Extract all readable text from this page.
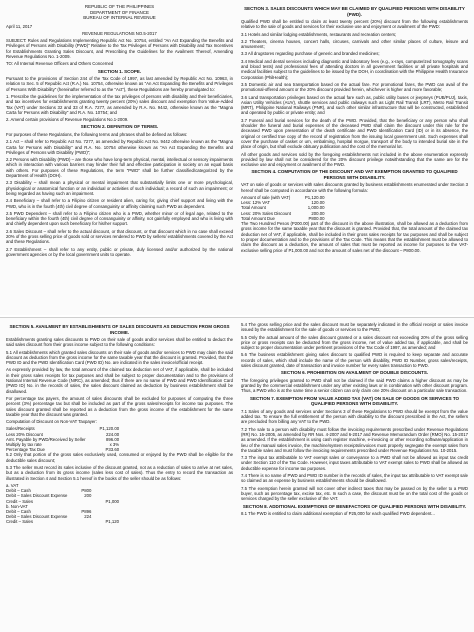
REPUBLIC OF THE PHILIPPINES
DEPARTMENT OF FINANCE
BUREAU OF INTERNAL REVENUE
April 11, 2017
REVENUE REGULATIONS NO.5-2017

SUBJECT: Rules and Regulations Implementing Republic Act No. 10754, entitled "An Act Expanding the Benefits and Privileges of Persons with Disability (PWD)" Relative to the Tax Privileges of Persons with Disability and Tax Incentives for Establishments Granting Sales Discount, and Prescribing the Guidelines for the Availment Thereof, Amending Revenue Regulations No. 1-2009.

TO: All Internal Revenue Officers and Others Concerned

SECTION 1. SCOPE.

Pursuant to the provisions of Section 244 of the Tax Code of 1997, as last amended by Republic Act No. 10963, in relation to Sec. 5 of Republic Act (R.A.) No. 10754, otherwise known as "An Act Expanding the Benefits and Privileges of Persons With Disability" (hereinafter referred to as the "Act"), these Regulations are hereby promulgated to:

1. Prescribe the guidelines for the implementation of the tax privileges of persons with disability and their beneficiaries, and tax incentives for establishments granting twenty percent (20%) sales discount and exemption from Value-Added Tax (VAT) under Sections 32 and 33 of R.A. 7277, as amended by R.A. No. 9442, otherwise known as the "Magna Carta for Persons with Disability" and R.A. No. 10754; and

2. Amend certain provisions of Revenue Regulations No.1-2009.

SECTION 2. DEFINITION OF TERMS.

For purposes of these Regulations, the following terms and phrases shall be defined as follows:

2.1 Act – shall refer to Republic Act No. 7277, as amended by Republic Act No. 9442 otherwise known as the "Magna Carta for Persons with Disability" and R.A. No. 10754 otherwise known as "An Act Expanding the Benefits and Privileges of Persons with Disability (PWD)";

2.2 Persons with Disability (PWD) – are those who have long-term physical, mental, intellectual or sensory impairments which in interaction with various barriers may hinder their full and effective participation in society on an equal basis with others. For purposes of these Regulations, the term "PWD" shall be further classified/categorized by the Department of Health (DOH).

2.3 Disability – shall mean a physical or mental impairment that substantially limits one or more psychological, physiological or anatomical function or an individual or activities of such individual; a record of such an impairment; or being regarded as having such an impairment.

2.4 Beneficiary – shall refer to a Filipino citizen or resident alien, caring for, giving chief support and living with the PWD, who is in the fourth (4th) civil degree of consanguinity or affinity claiming such PWD as dependent.

2.5 PWD Dependent – shall refer to a Filipino citizen who is a PWD, whether minor or of legal age, related to the beneficiary within the fourth (4th) civil degree of consanguinity or affinity, not gainfully employed and who is living with and chiefly dependent upon such beneficiary for his/her support.

2.6 Sales Discount – shall refer to the actual discount, or that discount, or that discount which in no case shall exceed 20% of the gross selling price of goods sold or services rendered to PWD by sellers/ establishments covered by the Act and these Regulations.

2.7 Establishment – shall refer to any entity, public or private, duly licensed and/or authorized by the national government agencies or by the local government units to operate.

SECTION 3. SALES DISCOUNTS WHICH MAY BE CLAIMED BY QUALIFIED PERSONS WITH DISABILITY (PWD).

Qualified PWD shall be entitled to claim at least twenty percent (20%) discount from the following establishments relative to the sale of goods and services for their exclusive use and enjoyment or availment of the PWD:

3.1 Hotels and similar lodging establishments, restaurants and recreation centers;

3.2 Theaters, cinema houses, concert halls, circuses, carnivals and other similar places of culture, leisure and amusement;

3.3 All drugstores regarding purchase of generic and branded medicines;

3.4 Medical and dental services including diagnostic and laboratory fees (e.g., x-rays, computerized tomography scans and blood tests) and professional fees of attending doctors in all government facilities or all private hospitals and medical facilities subject to the guidelines to be issued by the DOH, in coordination with the Philippine Health Insurance Corporation (PhilHealth);

3.5 Domestic air and sea transportation based on the actual fare. For promotional fares, the PWD can avail of the promotional-offered amount or the 20% discount provided herein, whichever is higher and more favorable;

3.6 Land transportation privileges based on the actual fare such as, public utility buses or jeepneys (PUB/PUJ), taxis, Asian Utility Vehicles (AUV), shuttle services and public railways such as Light Rail Transit (LRT), Metro Rail Transit (MRT), Philippine National Railways (PNR), and such other similar infrastructure that will be constructed, established and operated by public or private entity; and

3.7 Funeral and burial services for the death of the PWD. Provided, that the beneficiary or any person who shall shoulder the funeral and burial expenses of the deceased PWD shall claim the discount under this rule for the deceased PWD upon presentation of the death certificate and PWD Identification Card (ID) or in its absence, the original or certified true copy of the record of registration from the issuing local government unit. Such expenses shall cover the purchase of casket or urn, embalming, hospital morgue, transport of the body to intended burial site in the place of origin, but shall exclude obituary publication and the cost of the memorial lot.

All other goods and services sold by the foregoing establishments not included in the above enumeration expressly provided by law shall not be considered for the 20% discount privilege notwithstanding that the same are for the exclusive use and enjoyment or availment of the PWD.

SECTION 4. COMPUTATION OF THE DISCOUNT AND VAT EXEMPTION GRANTED TO QUALIFIED PERSONS WITH DISABILITY.

VAT on sale of goods or services with sales discounts granted by business establishments enumerated under Section 3 hereof shall be computed in accordance with the following formula:

Amount of sale (with VAT)	P1,120.00
Less: 12% VAT	120.00
Total Amount	1,000.00
Less: 20% Sales Discount	200.00
Total Amount Due	P800.00

The Two Hundred Pesos (P200.00) part of the discount in the above illustration, shall be allowed as a deduction from gross income for the same taxable year that the discount is granted. Provided that, the total amount of the claimed tax deduction net of VAT, if applicable, shall be included in their gross sales receipts for tax purposes and shall be subject to proper documentation and to the provisions of the Tax Code. This means that the establishment must be allowed to claim the discount as a deduction, the amount of sales that must be reported as income for purposes to the VAT-exclusive selling price of P1,000.00 and not the amount of sales net of the discount – P800.00.

SECTION 5. AVAILMENT BY ESTABLISHMENTS OF SALES DISCOUNTS AS DEDUCTION FROM GROSS INCOME.

Establishments granting sales discounts to PWD on their sale of goods and/or services shall be entitled to deduct the said sales discount from their gross income subject to the following conditions:

5.1 All establishments which granted sales discounts on their sale of goods and/or services to PWD may claim the said discount as deduction from the gross income for the same taxable year that the discount is granted. Provided, that the PWD ID and the PWD Identification Card (PWD ID) No. are indicated in the sales invoice/official receipt.

As expressly provided by law, the total amount of the claimed tax deduction net of VAT, if applicable, shall be included in their gross sales receipts for tax purposes and shall be subject to proper documentation and to the provisions of National Internal Revenue Code (NIRC), as amended; thus if there are no name of PWD and PWD Identification Card (PWD ID) No. in the records of sales, the sales discount claimed as deduction by business establishment shall be disallowed.

For percentage tax payers, the amount of sales discounts shall be excluded for purposes of computing the three percent (3%) percentage tax but shall be included as part of the gross sales/receipts for income tax purposes. The sales discount granted shall be reported as a deduction from the gross income of the establishment for the same taxable year that the discount was granted.

Computation of Discount on Non-VAT Taxpayer:
Sales/Receipts	P1,120.00
Less 20% Discount	224.00
Amt. Payable by PWD/Received by Seller	896.00
Multiply by tax rate	x 3%
Percentage Tax Due	P33.60

5.2 Only that portion of the gross sales exclusively used, consumed or enjoyed by the PWD shall be eligible for the deductible sales discount;

5.3 The seller must record its sales inclusive of the discount granted, not as a reduction of sales to arrive at net sales, but as a deduction from its gross income (sales less cost of sales). Thus the entry to record the transaction as illustrated in Section 4 and Section 5.1 hereof in the books of the seller should be as follows:

a. VAT		
Debit – Cash	P800	
Debit – Sales Discount Expense	200	
Credit – Sales		P1,000
b. Non-VAT		
Debit – Cash	P896	
Debit – Sales Discount Expense	224	
Credit – Sales		P1,120

5.4 The gross selling price and the sales discount must be separately indicated in the official receipt or sales invoice issued by the establishment for the sale of goods or services to the PWD;

5.5 Only the actual amount of the sales discount granted or a sales discount not exceeding 20% of the gross selling price or gross receipts can be deducted from the gross income, net of value added tax, if applicable, and shall be subject to proper documentation under pertinent provisions of the Tax Code of 1997, as amended; and

5.6 The business establishment giving sales discount to qualified PWD is required to keep separate and accurate records of sales, which shall include the name of the person with disability, PWD ID Number, gross sales/receipts, sales discount granted, date of transaction and invoice number for every sales transaction to PWD.

SECTION 6. PROHIBITION ON AVAILMENT OF DOUBLE DISCOUNTS.

The foregoing privileges granted to PWD shall not be claimed if the said PWD claims a higher discount as may be granted by the commercial establishment under any other existing laws or in combination with other discount program. Thus, a PWD who is at the same time a senior citizen can only claim one 20% discount on a particular sale transaction.

SECTION 7. EXEMPTION FROM VALUE ADDED TAX (VAT) ON SALE OF GOODS OR SERVICES TO QUALIFIED PERSONS WITH DISABILITY.

7.1 Sales of any goods and services under Sections 3 of these Regulations to PWD should be exempt from the value added tax. To ensure the full entitlement of the person with disability to the discount prescribed in the Act, the sellers are precluded from billing any VAT to the PWD.

7.2 The sale to a person with disability must follow the invoicing requirements prescribed under Revenue Regulations (RR) No. 16-2005, as amended by RR Nos. 4-2007 and 6-2017 and Revenue Memorandum Order (RMO) No. 15-2017 as amended. If the establishment is using cash register machine, e-invoicing or other recording software/application in lieu of the manual sales invoice, the machine/system receipts/invoices must properly segregate the exempt sales from the taxable sales and must follow the invoicing requirements prescribed under Revenue Regulations No. 10-2015.

7.3 The input tax attributable to VAT exempt sales or conveyance to a PWD shall not be allowed as input tax credit under Section 110 of the Tax Code. However, input taxes attributable to VAT exempt sales to PWD shall be allowed as deductible expense for income tax purposes.

7.4 There is no name of PWD and PWD ID number in the records of sales, the input tax attributable to VAT exempt sale so claimed as an expense by business establishments should be disallowed.

7.5 The exemption herein granted will not cover other indirect taxes that may be passed on by the seller to a PWD buyer, such as percentage tax, excise tax, etc. In such a case, the discount must be on the total cost of the goods or services charged by the seller exclusive of the VAT.

SECTION 8. ADDITIONAL EXEMPTIONS OF BENEFACTORS OF QUALIFIED PERSONS WITH DISABILITY.

8.1 The PWD is entitled to claim additional exemption of P25,000 for each qualified PWD dependent...
